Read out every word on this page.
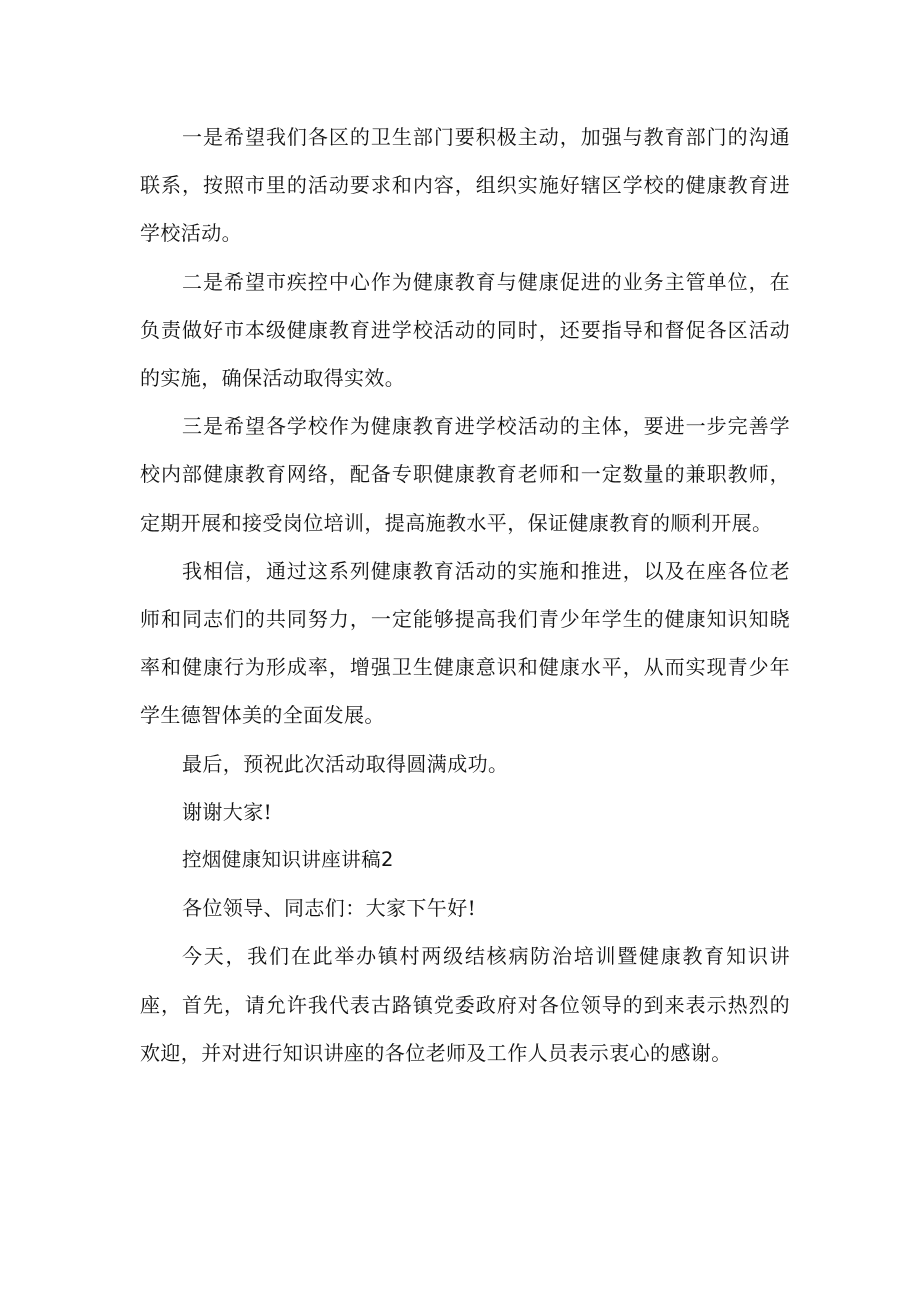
一是希望我们各区的卫生部门要积极主动，加强与教育部门的沟通联系，按照市里的活动要求和内容，组织实施好辖区学校的健康教育进学校活动。

二是希望市疾控中心作为健康教育与健康促进的业务主管单位，在负责做好市本级健康教育进学校活动的同时，还要指导和督促各区活动的实施，确保活动取得实效。

三是希望各学校作为健康教育进学校活动的主体，要进一步完善学校内部健康教育网络，配备专职健康教育老师和一定数量的兼职教师，定期开展和接受岗位培训，提高施教水平，保证健康教育的顺利开展。

我相信，通过这系列健康教育活动的实施和推进，以及在座各位老师和同志们的共同努力，一定能够提高我们青少年学生的健康知识知晓率和健康行为形成率，增强卫生健康意识和健康水平，从而实现青少年学生德智体美的全面发展。

最后，预祝此次活动取得圆满成功。

谢谢大家!

控烟健康知识讲座讲稿2

各位领导、同志们：大家下午好!

今天，我们在此举办镇村两级结核病防治培训暨健康教育知识讲座，首先，请允许我代表古路镇党委政府对各位领导的到来表示热烈的欢迎，并对进行知识讲座的各位老师及工作人员表示衷心的感谢。
